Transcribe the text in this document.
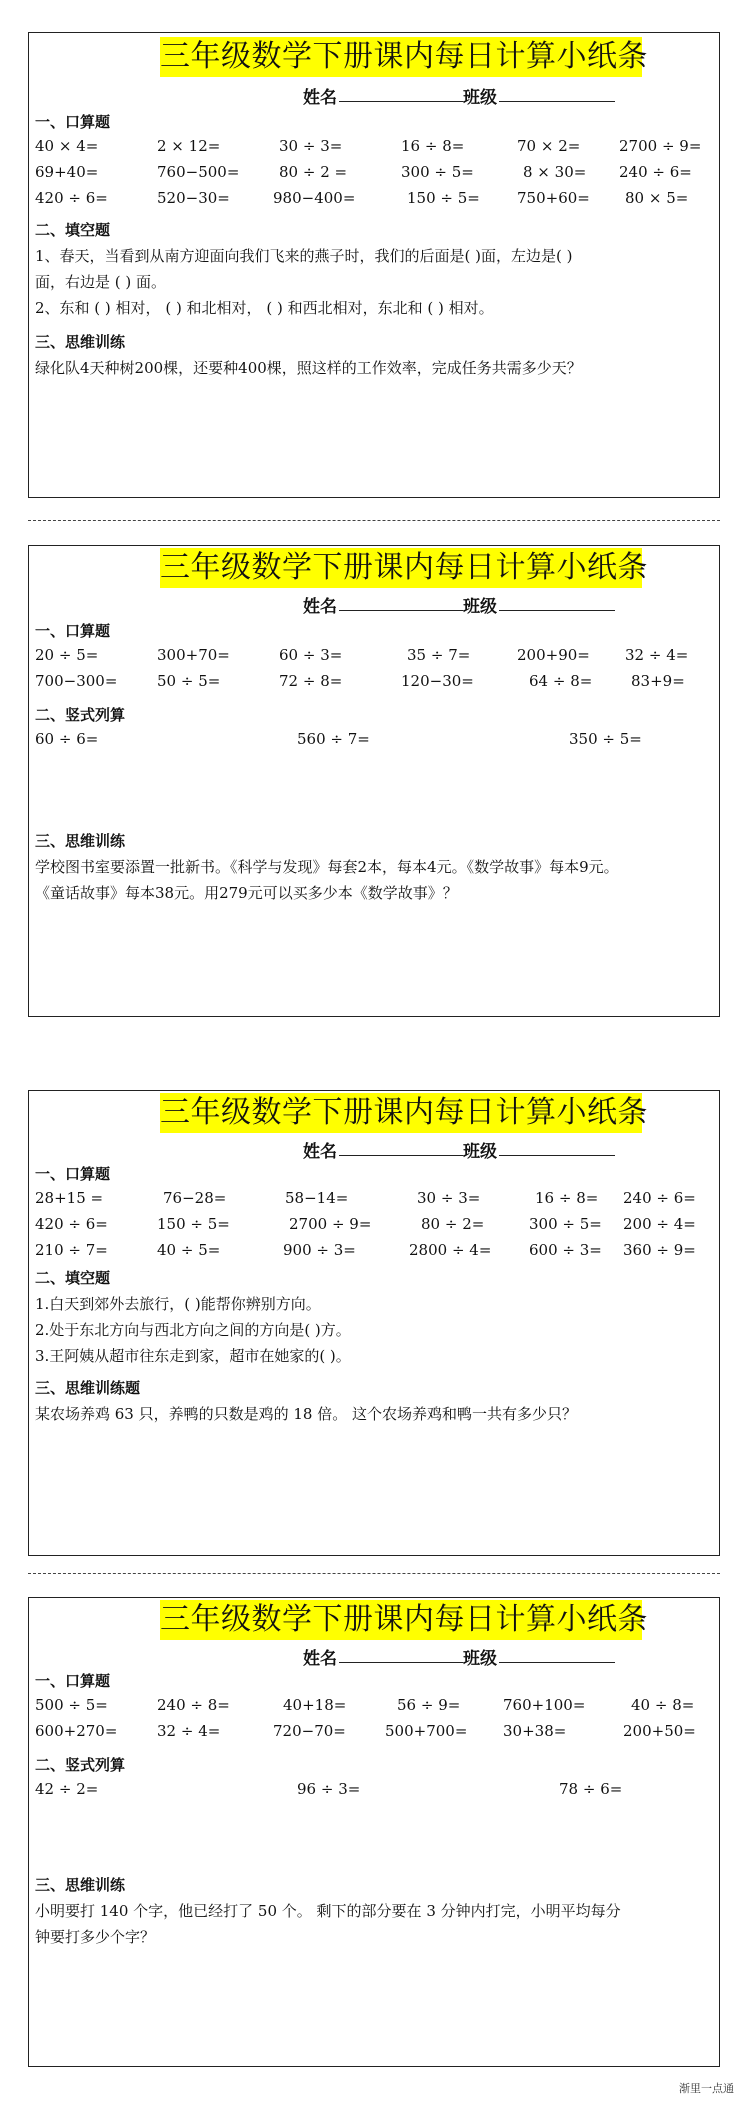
三年级数学下册课内每日计算小纸条
姓名	班级
一、口算题
40 × 4=	2 × 12=	30 ÷ 3=	16 ÷ 8=	70 × 2=	2700 ÷ 9=
69+40=	760−500=	80 ÷ 2 =	300 ÷ 5=	8 × 30= 240 ÷ 6=
420 ÷ 6=	520−30=	980−400=	150 ÷ 5= 750+60= 80 × 5=
二、填空题
1、春天，当看到从南方迎面向我们飞来的燕子时，我们的后面是( )面，左边是( )
面，右边是 ( ) 面。
2、东和 ( ) 相对， ( ) 和北相对， ( ) 和西北相对，东北和 ( ) 相对。
三、思维训练
绿化队4天种树200棵，还要种400棵，照这样的工作效率，完成任务共需多少天？
三年级数学下册课内每日计算小纸条
姓名	班级
一、口算题
20 ÷ 5=	300+70=	60 ÷ 3=	35 ÷ 7=	200+90= 32 ÷ 4=
700−300=	50 ÷ 5=	72 ÷ 8=	120−30=	64 ÷ 8=	83+9=
二、竖式列算
60 ÷ 6=	560 ÷ 7=	350 ÷ 5=
三、思维训练
学校图书室要添置一批新书。《科学与发现》每套2本，每本4元。《数学故事》每本9元。
《童话故事》每本38元。用279元可以买多少本《数学故事》？
三年级数学下册课内每日计算小纸条
姓名	班级
一、口算题
28+15 =	76−28=	58−14=	30 ÷ 3=	16 ÷ 8= 240 ÷ 6=
420 ÷ 6=	150 ÷ 5=	2700 ÷ 9=	80 ÷ 2=	300 ÷ 5= 200 ÷ 4=
210 ÷ 7=	40 ÷ 5=	900 ÷ 3=	2800 ÷ 4=	600 ÷ 3= 360 ÷ 9=
二、填空题
1.白天到郊外去旅行，( )能帮你辨别方向。
2.处于东北方向与西北方向之间的方向是( )方。
3.王阿姨从超市往东走到家，超市在她家的( )。
三、思维训练题
某农场养鸡 63 只，养鸭的只数是鸡的 18 倍。 这个农场养鸡和鸭一共有多少只？
三年级数学下册课内每日计算小纸条
姓名	班级
一、口算题
500 ÷ 5=	240 ÷ 8=	40+18=	56 ÷ 9=	760+100=	40 ÷ 8=
600+270=	32 ÷ 4=	720−70=	500+700= 30+38=	200+50=
二、竖式列算
42 ÷ 2=	96 ÷ 3=	78 ÷ 6=
三、思维训练
小明要打 140 个字，他已经打了 50 个。 剩下的部分要在 3 分钟内打完，小明平均每分
钟要打多少个字？
渐里一点通
